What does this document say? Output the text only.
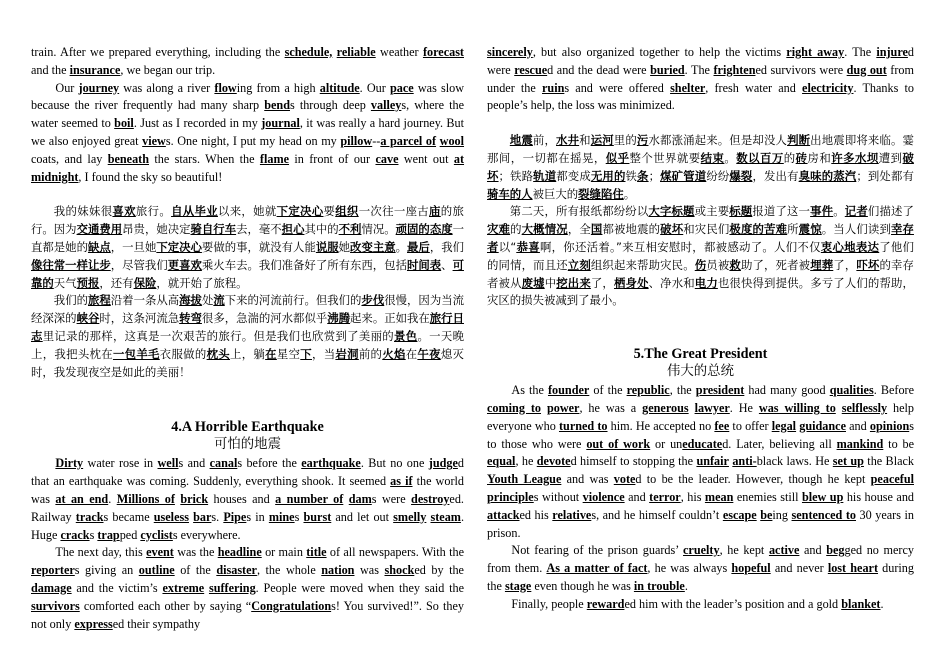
train. After we prepared everything, including the schedule, reliable weather forecast and the insurance, we began our trip.

Our journey was along a river flowing from a high altitude. Our pace was slow because the river frequently had many sharp bends through deep valleys, where the water seemed to boil. Just as I recorded in my journal, it was really a hard journey. But we also enjoyed great views. One night, I put my head on my pillow--a parcel of wool coats, and lay beneath the stars. When the flame in front of our cave went out at midnight, I found the sky so beautiful!

我的妹妹很喜欢旅行。自从毕业以来，她就下定决心要组织一次往一座古庙的旅行。因为交通费用昂贵，她决定骑自行车去，毫不担心其中的不利情况。顽固的态度一直都是她的缺点，一旦她下定决心要做的事，就没有人能说服她改变主意。最后，我们像往常一样让步，尽管我们更喜欢乘火车去。我们准备好了所有东西，包括时间表、可靠的天气预报，还有保险，就开始了旅程。

我们的旅程沿着一条从高海拔处流下来的河流前行。但我们的步伐很慢，因为当流经深深的峡谷时，这条河流急转弯很多，急湍的河水都似乎沸腾起来。正如我在旅行日志里记录的那样，这真是一次艰苦的旅行。但是我们也欣赏到了美丽的景色。一天晚上，我把头枕在一包羊毛衣服做的枕头上，躺在星空下，当岩洞前的火焰在午夜熄灭时，我发现夜空是如此的美丽！

4.A Horrible Earthquake
可怕的地震

Dirty water rose in wells and canals before the earthquake. But no one judged that an earthquake was coming. Suddenly, everything shook. It seemed as if the world was at an end. Millions of brick houses and a number of dams were destroyed. Railway tracks became useless bars. Pipes in mines burst and let out smelly steam. Huge cracks trapped cyclists everywhere.

The next day, this event was the headline or main title of all newspapers. With the reporters giving an outline of the disaster, the whole nation was shocked by the damage and the victim’s extreme suffering. People were moved when they said the survivors comforted each other by saying “Congratulations! You survived!”. So they not only expressed their sympathy

sincerely, but also organized together to help the victims right away. The injured were rescued and the dead were buried. The frightened survivors were dug out from under the ruins and were offered shelter, fresh water and electricity. Thanks to people’s help, the loss was minimized.

地震前，水井和运河里的污水都涨涌起来。但是却没人判断出地震即将来临。霎那间，一切都在摇晃，似乎整个世界就要结束。数以百万的砖房和许多水坝遭到破坏；铁路轨道都变成无用的铁条；煤矿管道纷纷爆裂，发出有臭味的蒸汽；到处都有骑车的人被巨大的裂缝陷住。

第二天，所有报纸都纷纷以大字标题或主要标题报道了这一事件。记者们描述了灾难的大概情况，全国都被地震的破坏和灾民们极度的苦难所震惊。当人们读到幸存者以“恭喜啊，你还活着。”来互相安慰时，都被感动了。人们不仅衷心地表达了他们的同情，而且还立刻组织起来帮助灾民。伤员被救助了，死者被埋葬了，吓坏的幸存者被从废墟中挖出来了，栖身处、净水和电力也很快得到提供。多亏了人们的帮助，灾区的损失被减到了最小。

5.The Great President
伟大的总统

As the founder of the republic, the president had many good qualities. Before coming to power, he was a generous lawyer. He was willing to selflessly help everyone who turned to him. He accepted no fee to offer legal guidance and opinions to those who were out of work or uneducated. Later, believing all mankind to be equal, he devoted himself to stopping the unfair anti-black laws. He set up the Black Youth League and was voted to be the leader. However, though he kept peaceful principles without violence and terror, his mean enemies still blew up his house and attacked his relatives, and he himself couldn’t escape being sentenced to 30 years in prison.

Not fearing of the prison guards’ cruelty, he kept active and begged no mercy from them. As a matter of fact, he was always hopeful and never lost heart during the stage even though he was in trouble.

Finally, people rewarded him with the leader’s position and a gold blanket.
